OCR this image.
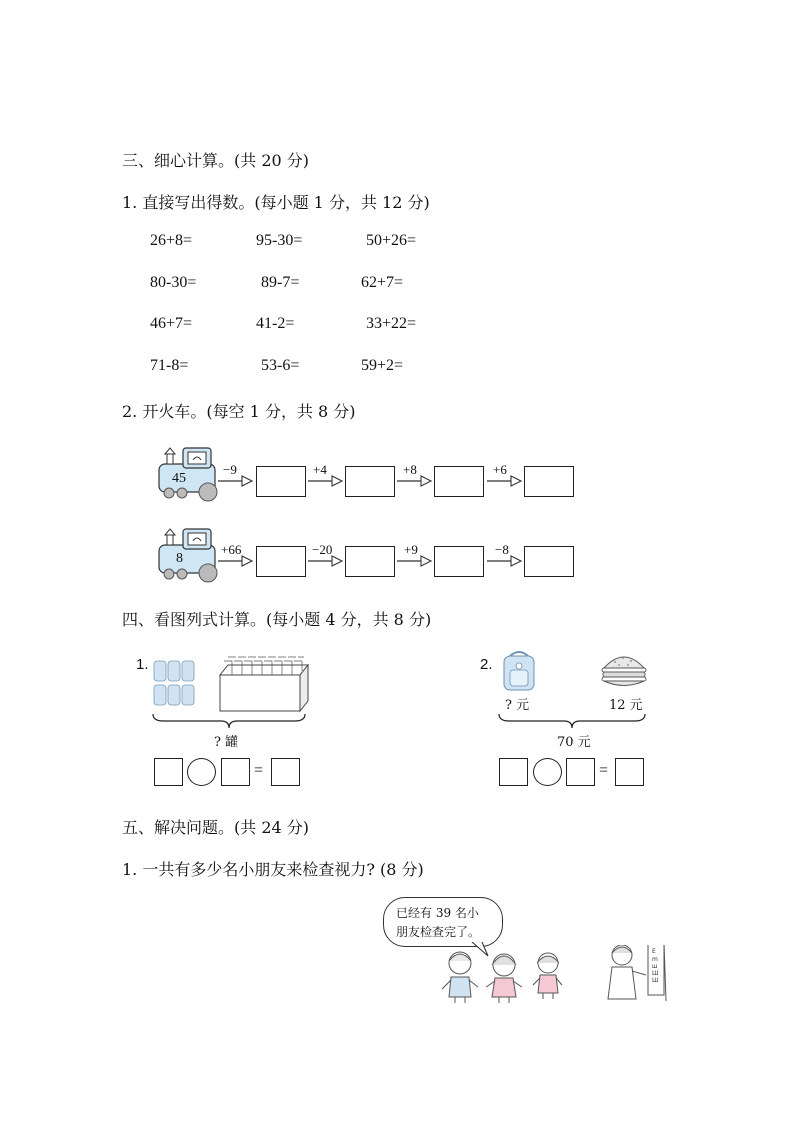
三、细心计算。(共 20 分)
1. 直接写出得数。(每小题 1 分，共 12 分)
26+8=	95-30=	50+26=
80-30=	89-7=	62+7=
46+7=	41-2=	33+22=
71-8=	53-6=	59+2=
2. 开火车。(每空 1 分，共 8 分)
45
−9	+4	+8	+6
8
+66	−20	+9	−8
四、看图列式计算。(每小题 4 分，共 8 分)
1.
? 罐
=
2.
? 元	12 元
70 元
=
五、解决问题。(共 24 分)
1. 一共有多少名小朋友来检查视力? (8 分)
已经有 39 名小
朋友检查完了。
E
m
ш
Ш
Ш
